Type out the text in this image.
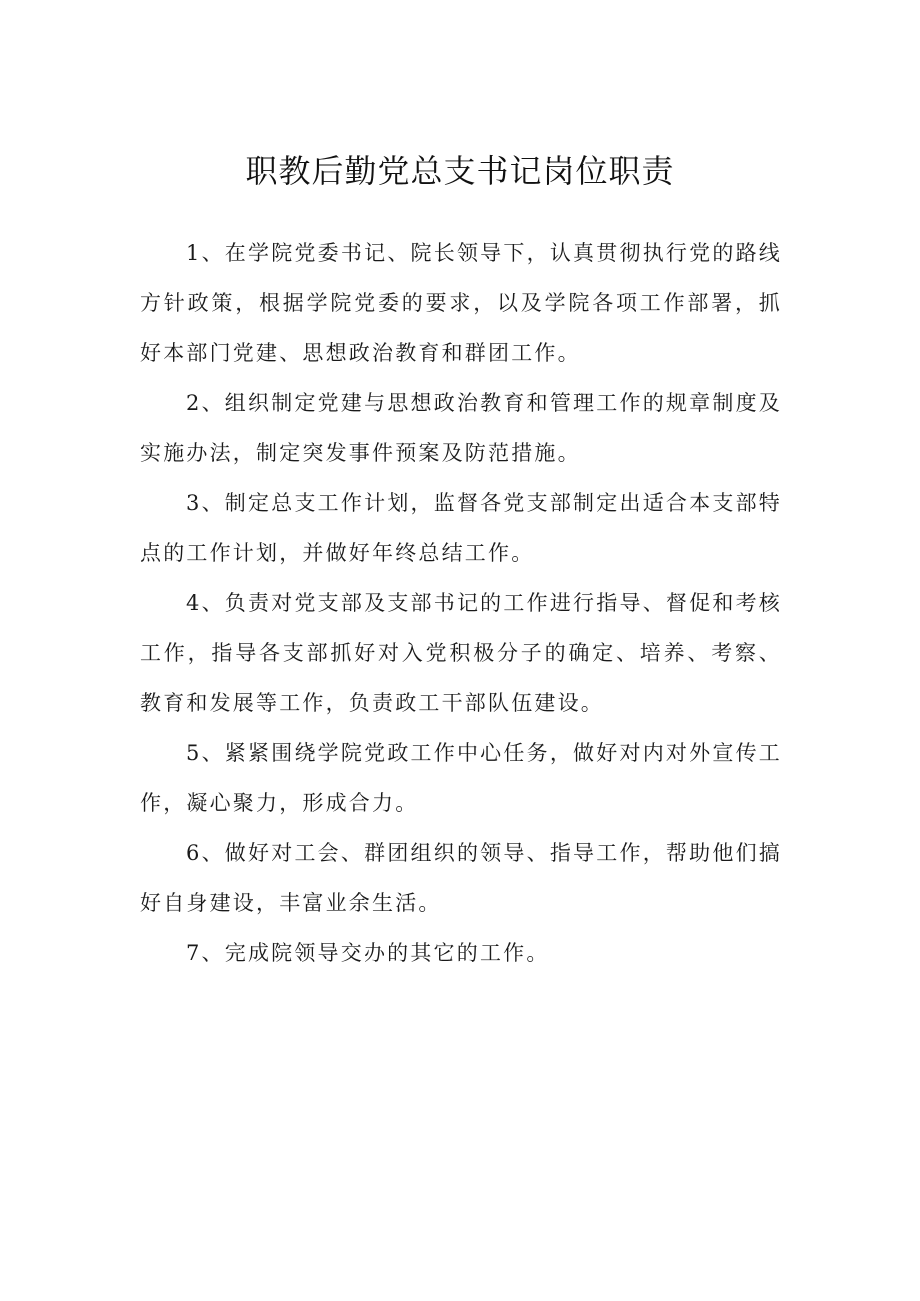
职教后勤党总支书记岗位职责

1、在学院党委书记、院长领导下，认真贯彻执行党的路线方针政策，根据学院党委的要求，以及学院各项工作部署，抓好本部门党建、思想政治教育和群团工作。

2、组织制定党建与思想政治教育和管理工作的规章制度及实施办法，制定突发事件预案及防范措施。

3、制定总支工作计划，监督各党支部制定出适合本支部特点的工作计划，并做好年终总结工作。

4、负责对党支部及支部书记的工作进行指导、督促和考核工作，指导各支部抓好对入党积极分子的确定、培养、考察、教育和发展等工作，负责政工干部队伍建设。

5、紧紧围绕学院党政工作中心任务，做好对内对外宣传工作，凝心聚力，形成合力。

6、做好对工会、群团组织的领导、指导工作，帮助他们搞好自身建设，丰富业余生活。

7、完成院领导交办的其它的工作。
